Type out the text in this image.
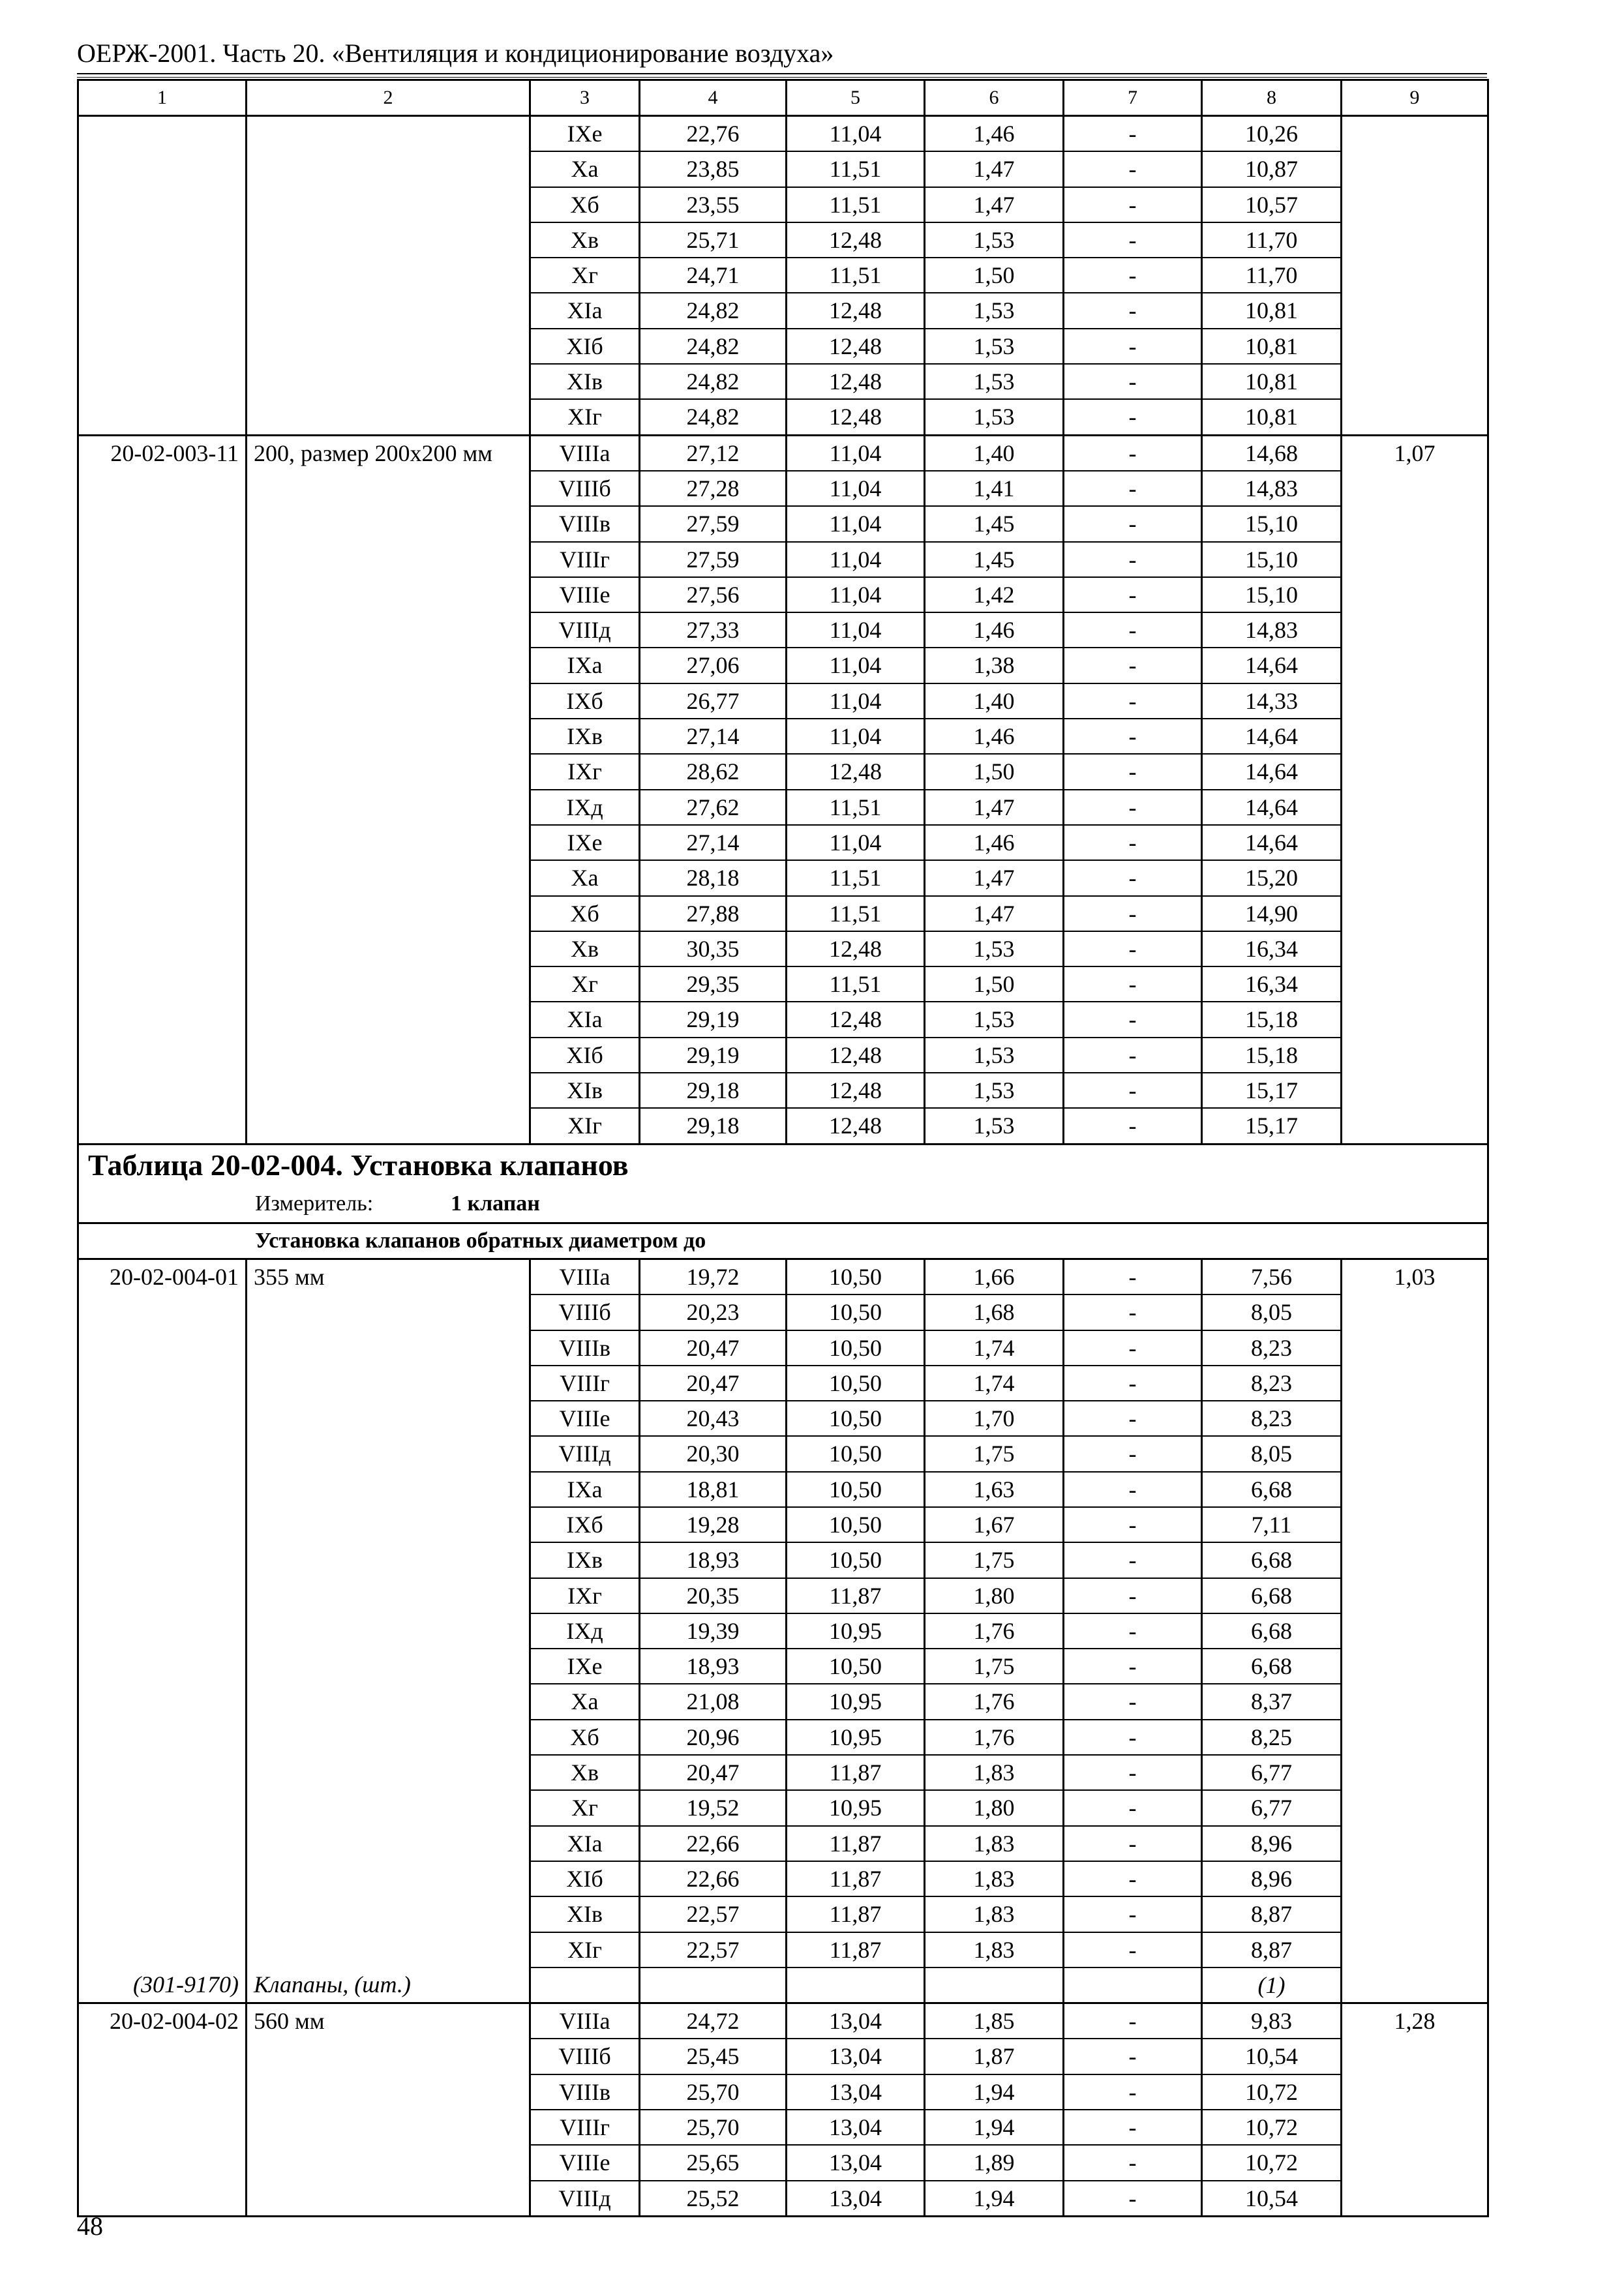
ОЕРЖ-2001. Часть 20. «Вентиляция и кондиционирование воздуха»
1	2	3	4	5	6	7	8	9
		IXe	22,76	11,04	1,46	-	10,26	
		Xa	23,85	11,51	1,47	-	10,87	
		Xб	23,55	11,51	1,47	-	10,57	
		Xв	25,71	12,48	1,53	-	11,70	
		Xг	24,71	11,51	1,50	-	11,70	
		XIa	24,82	12,48	1,53	-	10,81	
		XIб	24,82	12,48	1,53	-	10,81	
		XIв	24,82	12,48	1,53	-	10,81	
		XIг	24,82	12,48	1,53	-	10,81	
20-02-003-11	200, размер 200x200 мм	VIIIa	27,12	11,04	1,40	-	14,68	1,07
		VIIIб	27,28	11,04	1,41	-	14,83	
		VIIIв	27,59	11,04	1,45	-	15,10	
		VIIIг	27,59	11,04	1,45	-	15,10	
		VIIIe	27,56	11,04	1,42	-	15,10	
		VIIIд	27,33	11,04	1,46	-	14,83	
		IXa	27,06	11,04	1,38	-	14,64	
		IXб	26,77	11,04	1,40	-	14,33	
		IXв	27,14	11,04	1,46	-	14,64	
		IXг	28,62	12,48	1,50	-	14,64	
		IXд	27,62	11,51	1,47	-	14,64	
		IXe	27,14	11,04	1,46	-	14,64	
		Xa	28,18	11,51	1,47	-	15,20	
		Xб	27,88	11,51	1,47	-	14,90	
		Xв	30,35	12,48	1,53	-	16,34	
		Xг	29,35	11,51	1,50	-	16,34	
		XIa	29,19	12,48	1,53	-	15,18	
		XIб	29,19	12,48	1,53	-	15,18	
		XIв	29,18	12,48	1,53	-	15,17	
		XIг	29,18	12,48	1,53	-	15,17	

Таблица 20-02-004. Установка клапанов
Измеритель: 1 клапан								

Установка клапанов обратных диаметром до								

20-02-004-01	355 мм	VIIIa	19,72	10,50	1,66	-	7,56	1,03
		VIIIб	20,23	10,50	1,68	-	8,05	
		VIIIв	20,47	10,50	1,74	-	8,23	
		VIIIг	20,47	10,50	1,74	-	8,23	
		VIIIe	20,43	10,50	1,70	-	8,23	
		VIIIд	20,30	10,50	1,75	-	8,05	
		IXa	18,81	10,50	1,63	-	6,68	
		IXб	19,28	10,50	1,67	-	7,11	
		IXв	18,93	10,50	1,75	-	6,68	
		IXг	20,35	11,87	1,80	-	6,68	
		IXд	19,39	10,95	1,76	-	6,68	
		IXe	18,93	10,50	1,75	-	6,68	
		Xa	21,08	10,95	1,76	-	8,37	
		Xб	20,96	10,95	1,76	-	8,25	
		Xв	20,47	11,87	1,83	-	6,77	
		Xг	19,52	10,95	1,80	-	6,77	
		XIa	22,66	11,87	1,83	-	8,96	
		XIб	22,66	11,87	1,83	-	8,96	
		XIв	22,57	11,87	1,83	-	8,87	
		XIг	22,57	11,87	1,83	-	8,87	
(301-9170)	Клапаны, (шт.)						(1)	
20-02-004-02	560 мм	VIIIa	24,72	13,04	1,85	-	9,83	1,28
		VIIIб	25,45	13,04	1,87	-	10,54	
		VIIIв	25,70	13,04	1,94	-	10,72	
		VIIIг	25,70	13,04	1,94	-	10,72	
		VIIIe	25,65	13,04	1,89	-	10,72	
		VIIIд	25,52	13,04	1,94	-	10,54	
48
